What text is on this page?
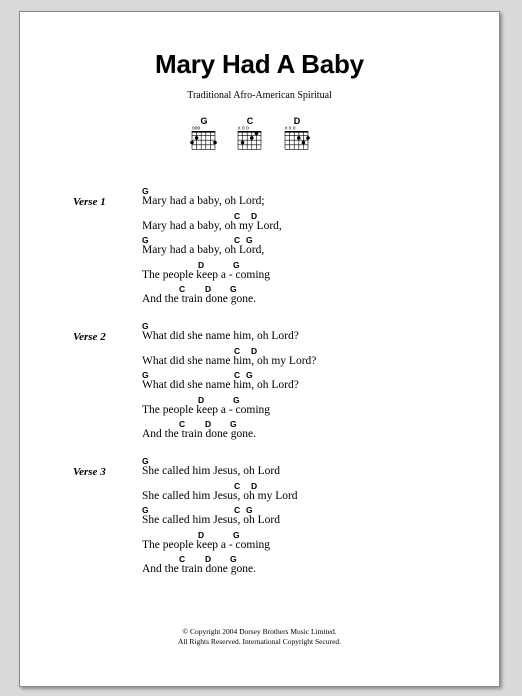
Mary Had A Baby
Traditional Afro-American Spiritual
G
ooo
C
x o o
D
x x o
Verse 1
G
Mary had a baby, oh Lord;
C D
Mary had a baby, oh my Lord,
G	C G
Mary had a baby, oh Lord,
D	G
The people keep a - coming
C D G
And the train done gone.
Verse 2
G
What did she name him, oh Lord?
C D
What did she name him, oh my Lord?
G	C G
What did she name him, oh Lord?
D	G
The people keep a - coming
C D G
And the train done gone.
Verse 3
G
She called him Jesus, oh Lord
C D
She called him Jesus, oh my Lord
G	C G
She called him Jesus, oh Lord
D	G
The people keep a - coming
C D G
And the train done gone.
© Copyright 2004 Dorsey Brothers Music Limited.
All Rights Reserved. International Copyright Secured.
